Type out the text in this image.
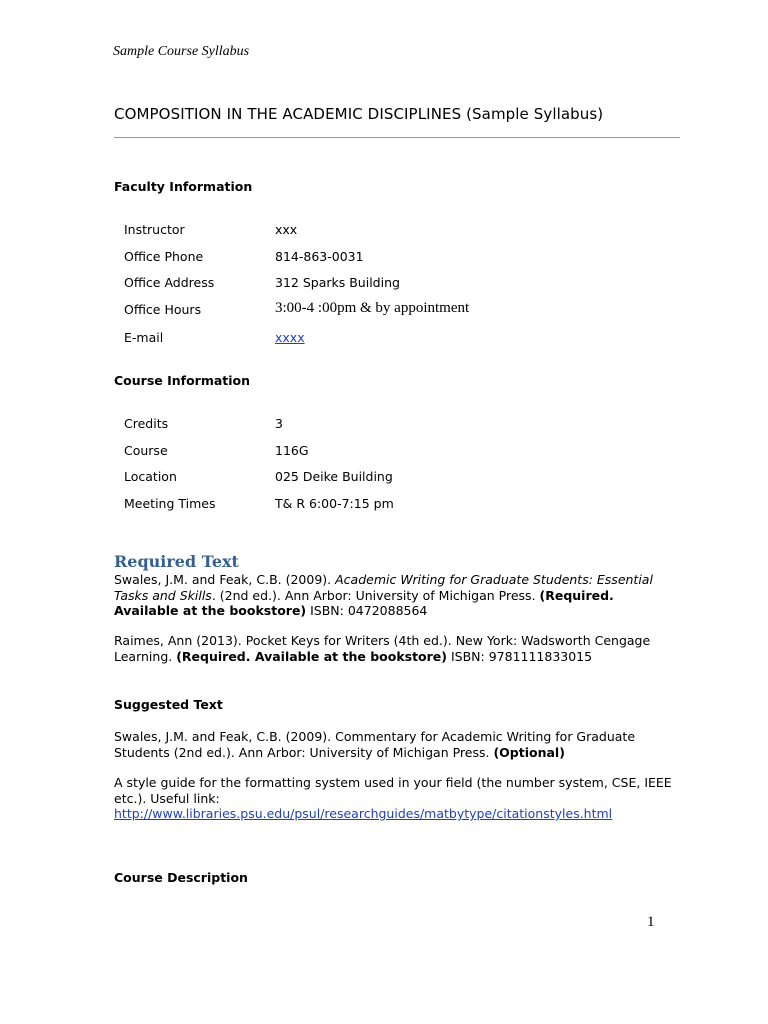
Sample Course Syllabus
COMPOSITION IN THE ACADEMIC DISCIPLINES (Sample Syllabus)
Faculty Information
Instructor	xxx
Office Phone	814-863-0031
Office Address	312 Sparks Building
Office Hours	3:00-4 :00pm & by appointment
E-mail	xxxx
Course Information
Credits	3
Course	116G
Location	025 Deike Building
Meeting Times	T& R 6:00-7:15 pm
Required Text
Swales, J.M. and Feak, C.B. (2009). Academic Writing for Graduate Students: Essential Tasks and Skills. (2nd ed.). Ann Arbor: University of Michigan Press. (Required. Available at the bookstore) ISBN: 0472088564
Raimes, Ann (2013). Pocket Keys for Writers (4th ed.). New York: Wadsworth Cengage Learning. (Required. Available at the bookstore) ISBN: 9781111833015
Suggested Text
Swales, J.M. and Feak, C.B. (2009). Commentary for Academic Writing for Graduate Students (2nd ed.). Ann Arbor: University of Michigan Press. (Optional)
A style guide for the formatting system used in your field (the number system, CSE, IEEE etc.). Useful link:
http://www.libraries.psu.edu/psul/researchguides/matbytype/citationstyles.html
Course Description
1
